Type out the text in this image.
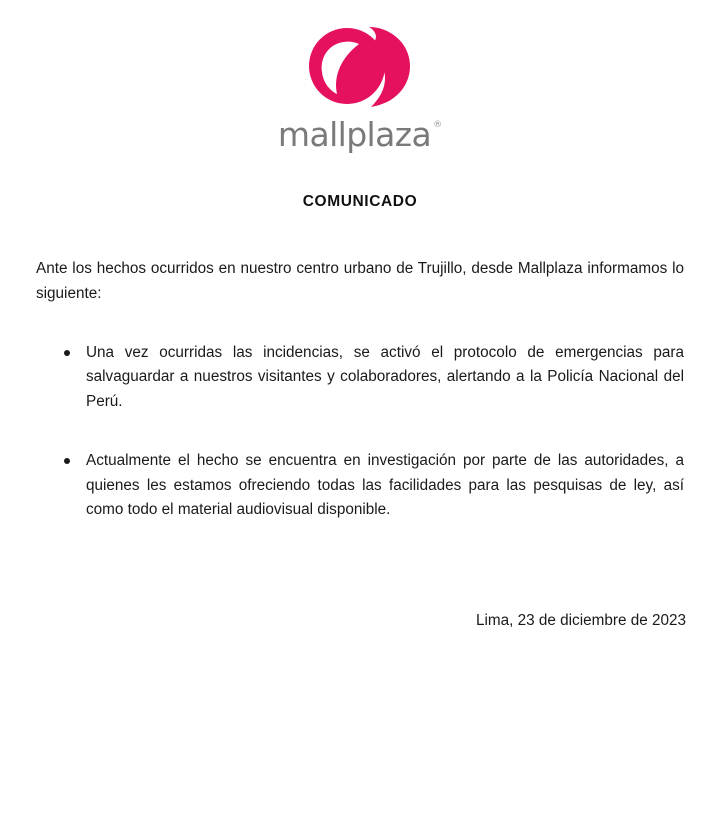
mallplaza ®
COMUNICADO

Ante los hechos ocurridos en nuestro centro urbano de Trujillo, desde Mallplaza informamos lo siguiente:

Una vez ocurridas las incidencias, se activó el protocolo de emergencias para salvaguardar a nuestros visitantes y colaboradores, alertando a la Policía Nacional del Perú.
Actualmente el hecho se encuentra en investigación por parte de las autoridades, a quienes les estamos ofreciendo todas las facilidades para las pesquisas de ley, así como todo el material audiovisual disponible.
Lima, 23 de diciembre de 2023
